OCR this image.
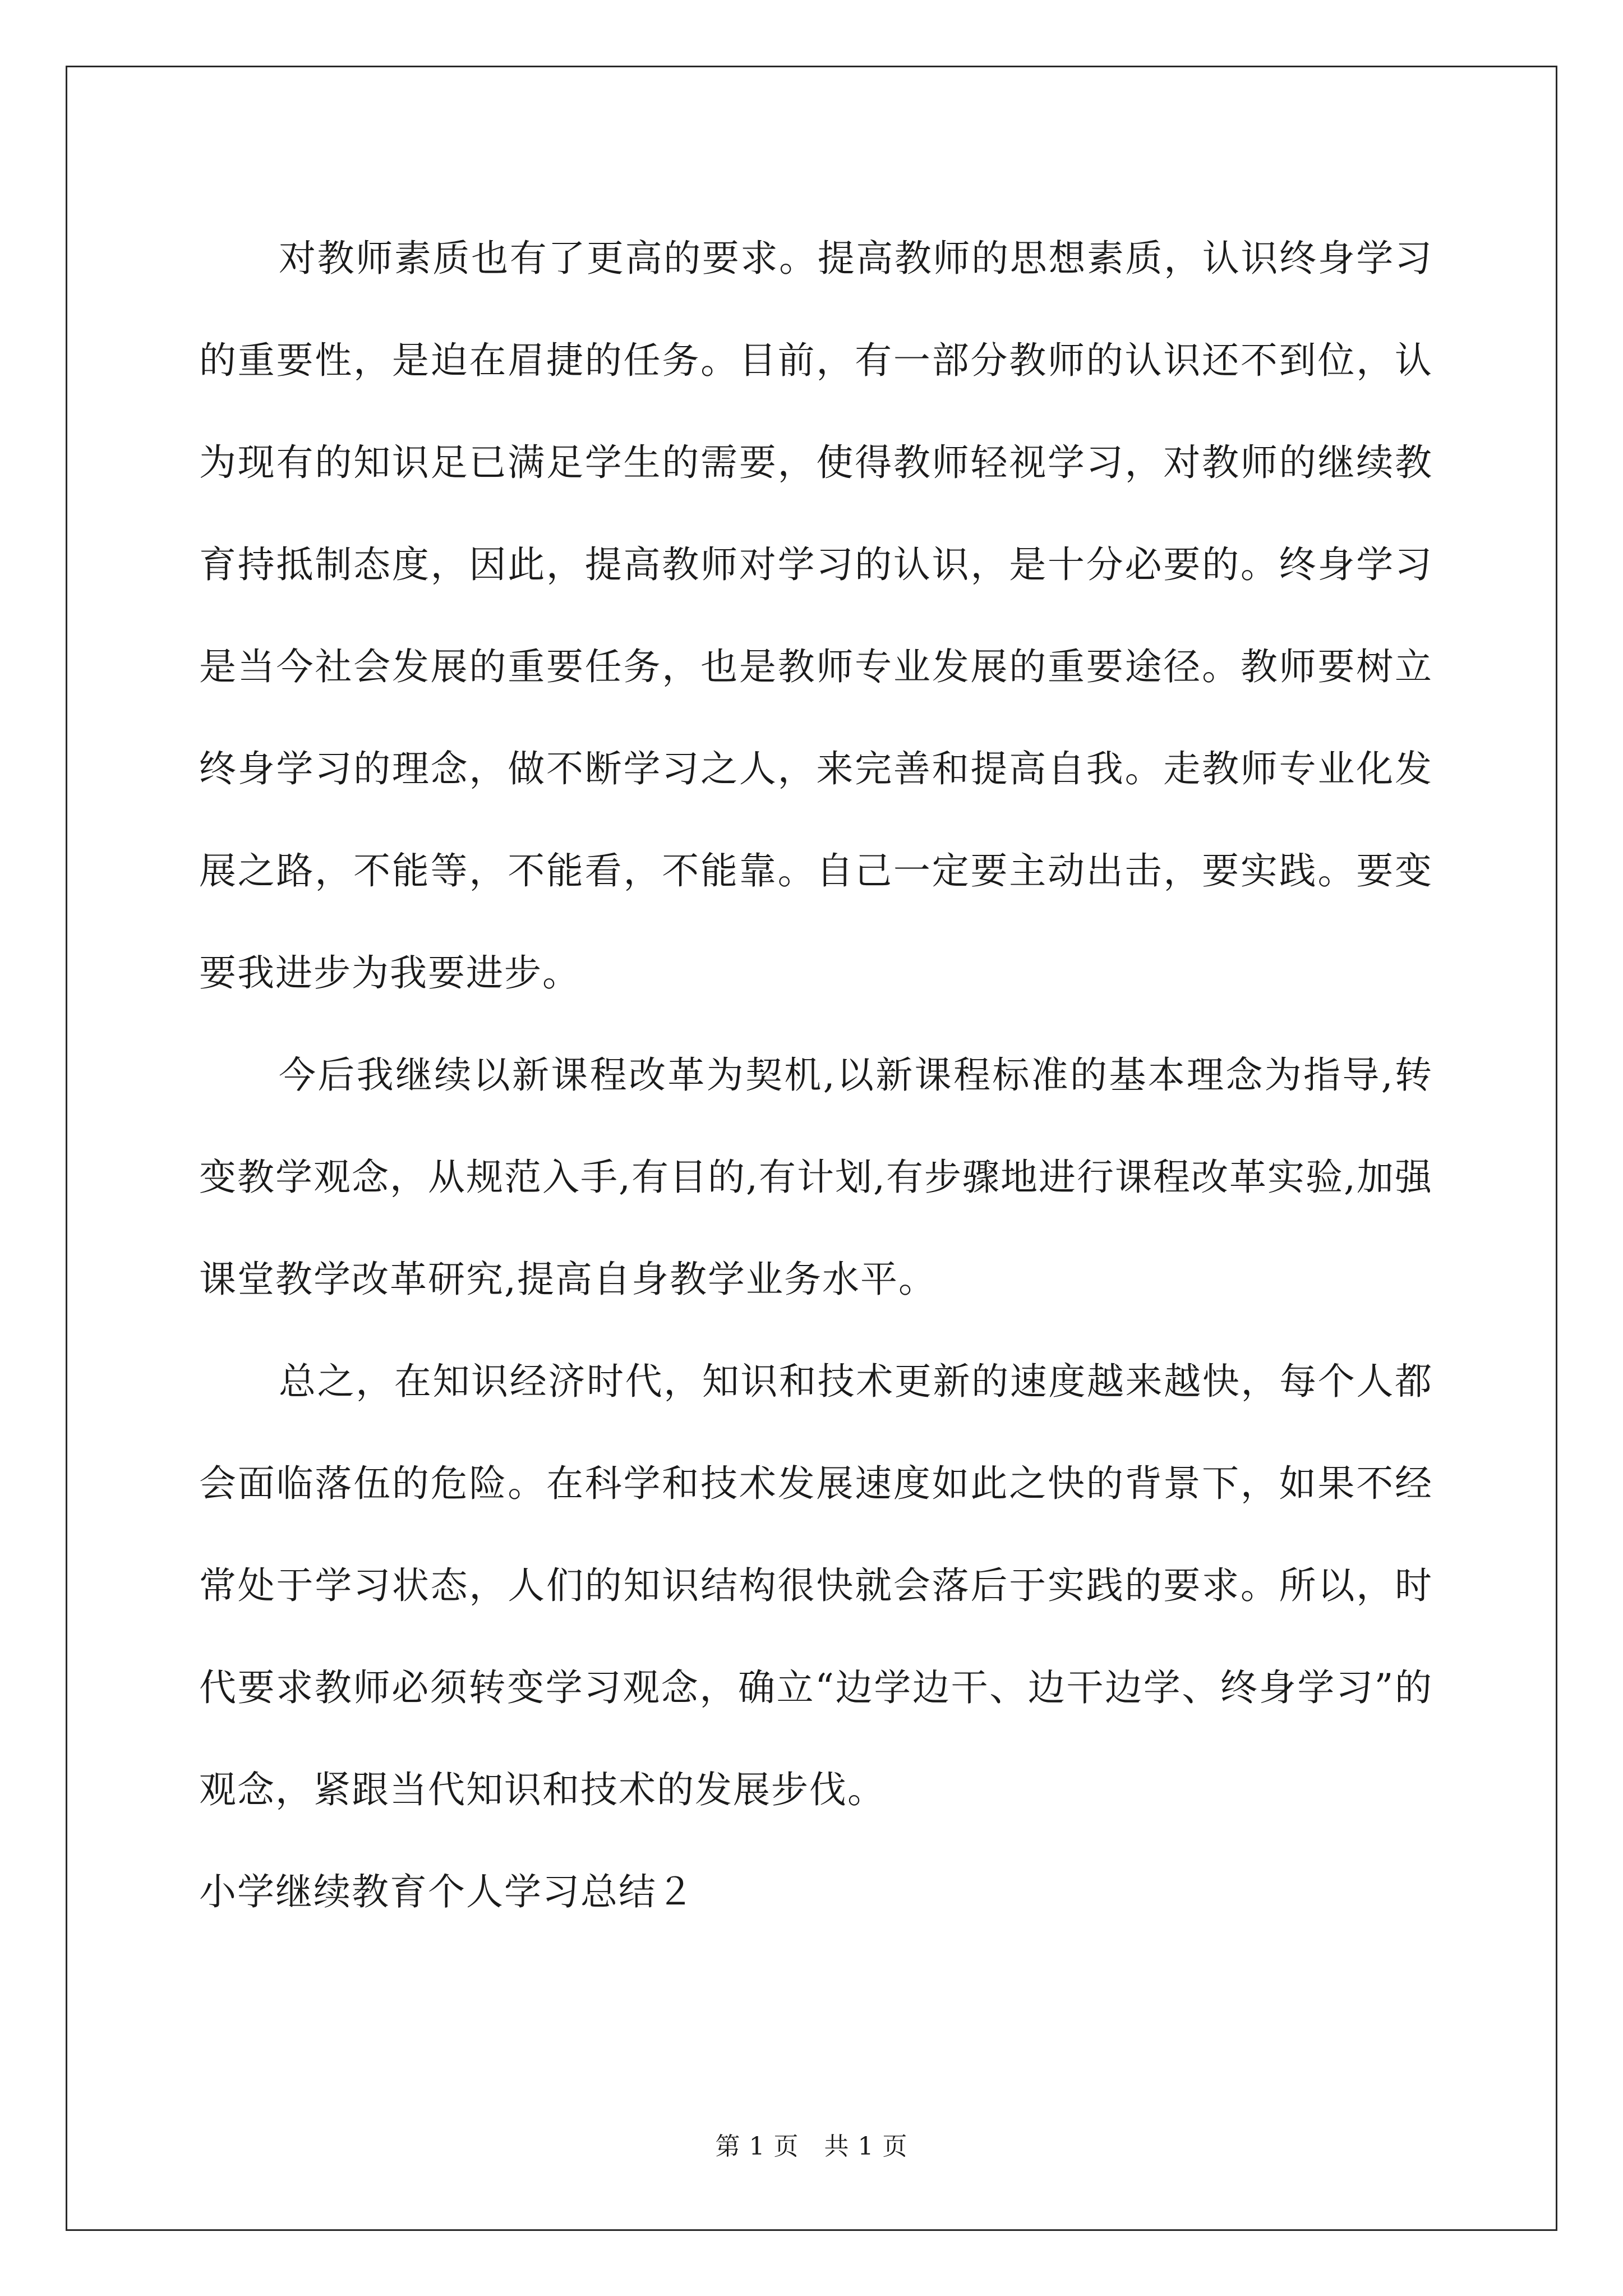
对教师素质也有了更高的要求。提高教师的思想素质，认识终身学习的重要性，是迫在眉捷的任务。目前，有一部分教师的认识还不到位，认为现有的知识足已满足学生的需要，使得教师轻视学习，对教师的继续教育持抵制态度，因此，提高教师对学习的认识，是十分必要的。终身学习是当今社会发展的重要任务，也是教师专业发展的重要途径。教师要树立终身学习的理念，做不断学习之人，来完善和提高自我。走教师专业化发展之路，不能等，不能看，不能靠。自己一定要主动出击，要实践。要变要我进步为我要进步。

今后我继续以新课程改革为契机,以新课程标准的基本理念为指导,转变教学观念，从规范入手,有目的,有计划,有步骤地进行课程改革实验,加强课堂教学改革研究,提高自身教学业务水平。

总之，在知识经济时代，知识和技术更新的速度越来越快，每个人都会面临落伍的危险。在科学和技术发展速度如此之快的背景下，如果不经常处于学习状态，人们的知识结构很快就会落后于实践的要求。所以，时代要求教师必须转变学习观念，确立“边学边干、边干边学、终身学习”的观念，紧跟当代知识和技术的发展步伐。

小学继续教育个人学习总结２

第 1 页　共 1 页
